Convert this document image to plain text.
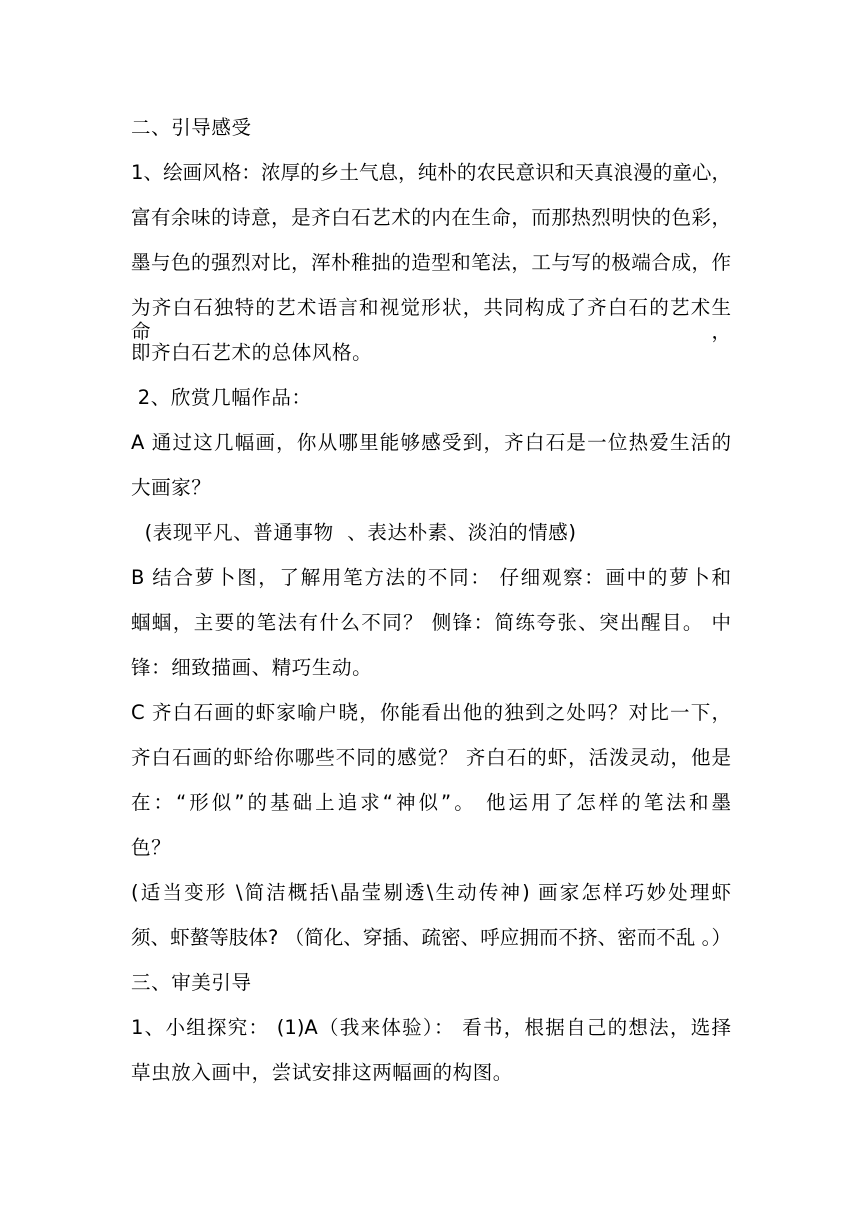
二、引导感受
1、绘画风格：浓厚的乡土气息，纯朴的农民意识和天真浪漫的童心，
富有余味的诗意，是齐白石艺术的内在生命，而那热烈明快的色彩，
墨与色的强烈对比，浑朴稚拙的造型和笔法，工与写的极端合成，作
为齐白石独特的艺术语言和视觉形状，共同构成了齐白石的艺术生命，
即齐白石艺术的总体风格。
2、欣赏几幅作品：
A 通过这几幅画，你从哪里能够感受到，齐白石是一位热爱生活的
大画家？
(表现平凡、普通事物  、表达朴素、淡泊的情感)
B 结合萝卜图，了解用笔方法的不同： 仔细观察：画中的萝卜和
蝈蝈，主要的笔法有什么不同？ 侧锋：简练夸张、突出醒目。 中
锋：细致描画、精巧生动。
C 齐白石画的虾家喻户晓，你能看出他的独到之处吗？对比一下，
齐白石画的虾给你哪些不同的感觉？ 齐白石的虾，活泼灵动，他是
在：“形似”的基础上追求“神似”。 他运用了怎样的笔法和墨
色？
(适当变形 \简洁概括\晶莹剔透\生动传神) 画家怎样巧妙处理虾
须、虾螯等肢体? （简化、穿插、疏密、呼应拥而不挤、密而不乱 。）
三、审美引导
1、小组探究： (1)A（我来体验）： 看书，根据自己的想法，选择
草虫放入画中，尝试安排这两幅画的构图。
